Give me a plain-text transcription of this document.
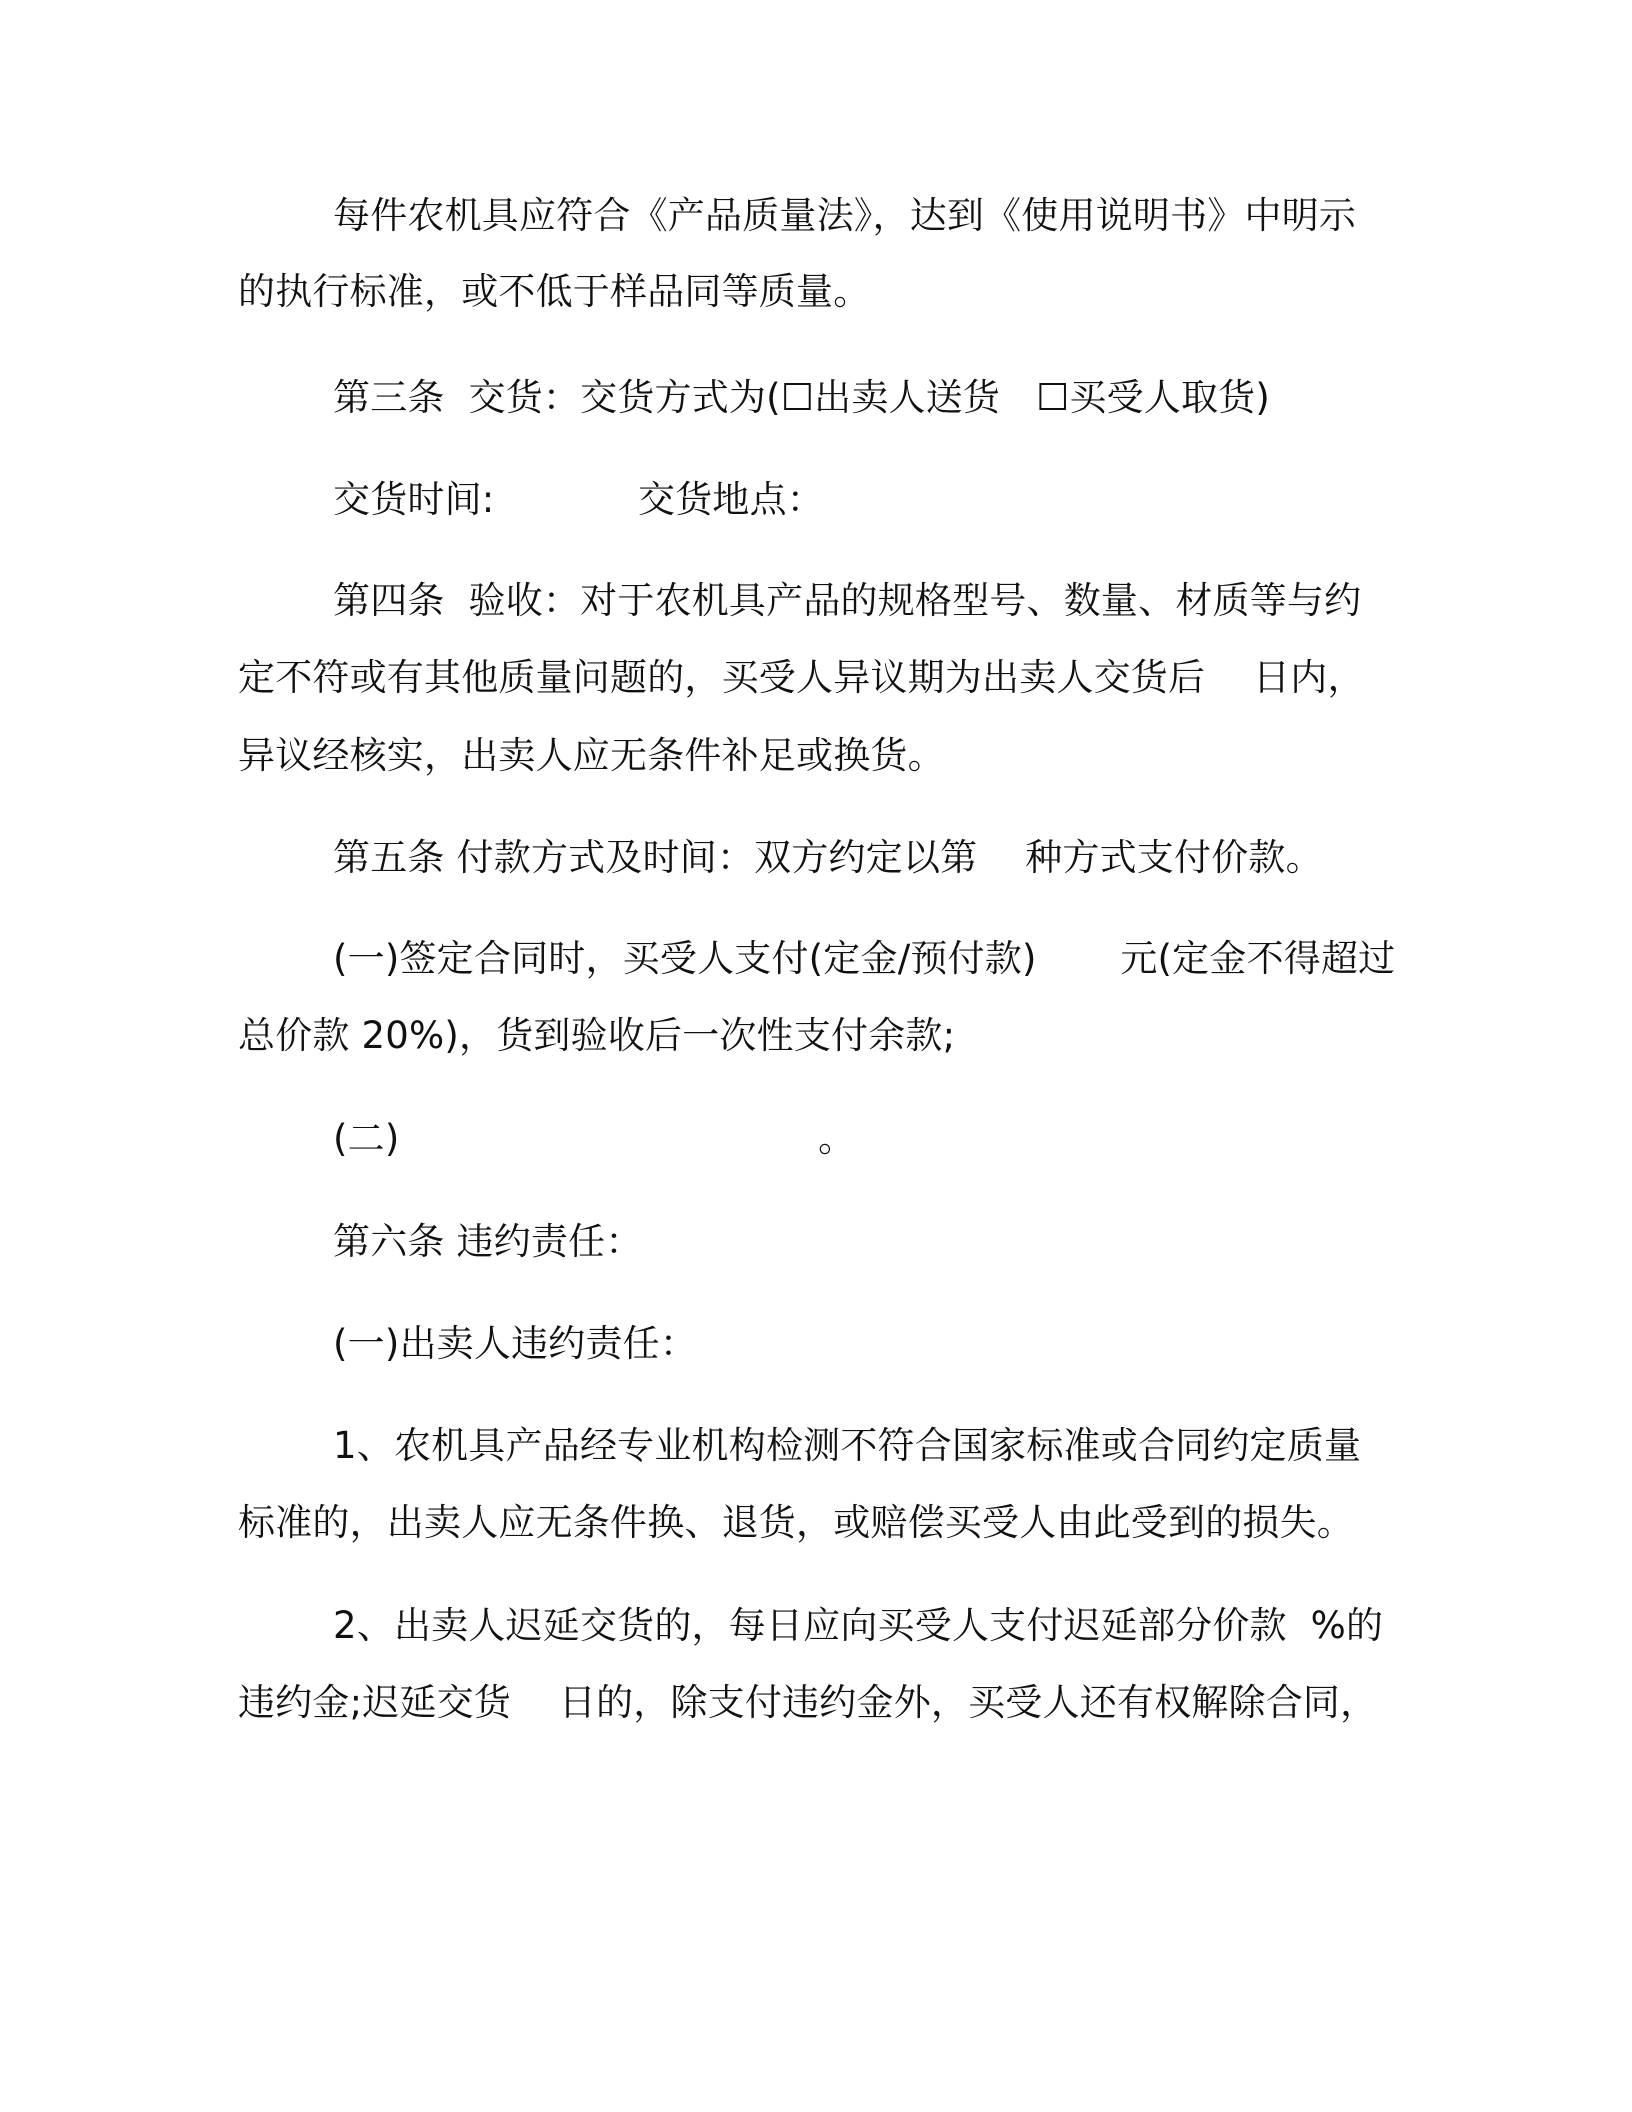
每件农机具应符合《产品质量法》，达到《使用说明书》中明示
的执行标准，或不低于样品同等质量。
第三条  交货：交货方式为(☐出卖人送货   ☐买受人取货)
交货时间:            交货地点：
第四条  验收：对于农机具产品的规格型号、数量、材质等与约
定不符或有其他质量问题的，买受人异议期为出卖人交货后    日内，
异议经核实，出卖人应无条件补足或换货。
第五条 付款方式及时间：双方约定以第    种方式支付价款。
(一)签定合同时，买受人支付(定金/预付款)       元(定金不得超过
总价款 20%)，货到验收后一次性支付余款;
(二)                                   。
第六条 违约责任：
(一)出卖人违约责任：
1、农机具产品经专业机构检测不符合国家标准或合同约定质量
标准的，出卖人应无条件换、退货，或赔偿买受人由此受到的损失。
2、出卖人迟延交货的，每日应向买受人支付迟延部分价款  %的
违约金;迟延交货    日的，除支付违约金外，买受人还有权解除合同，
